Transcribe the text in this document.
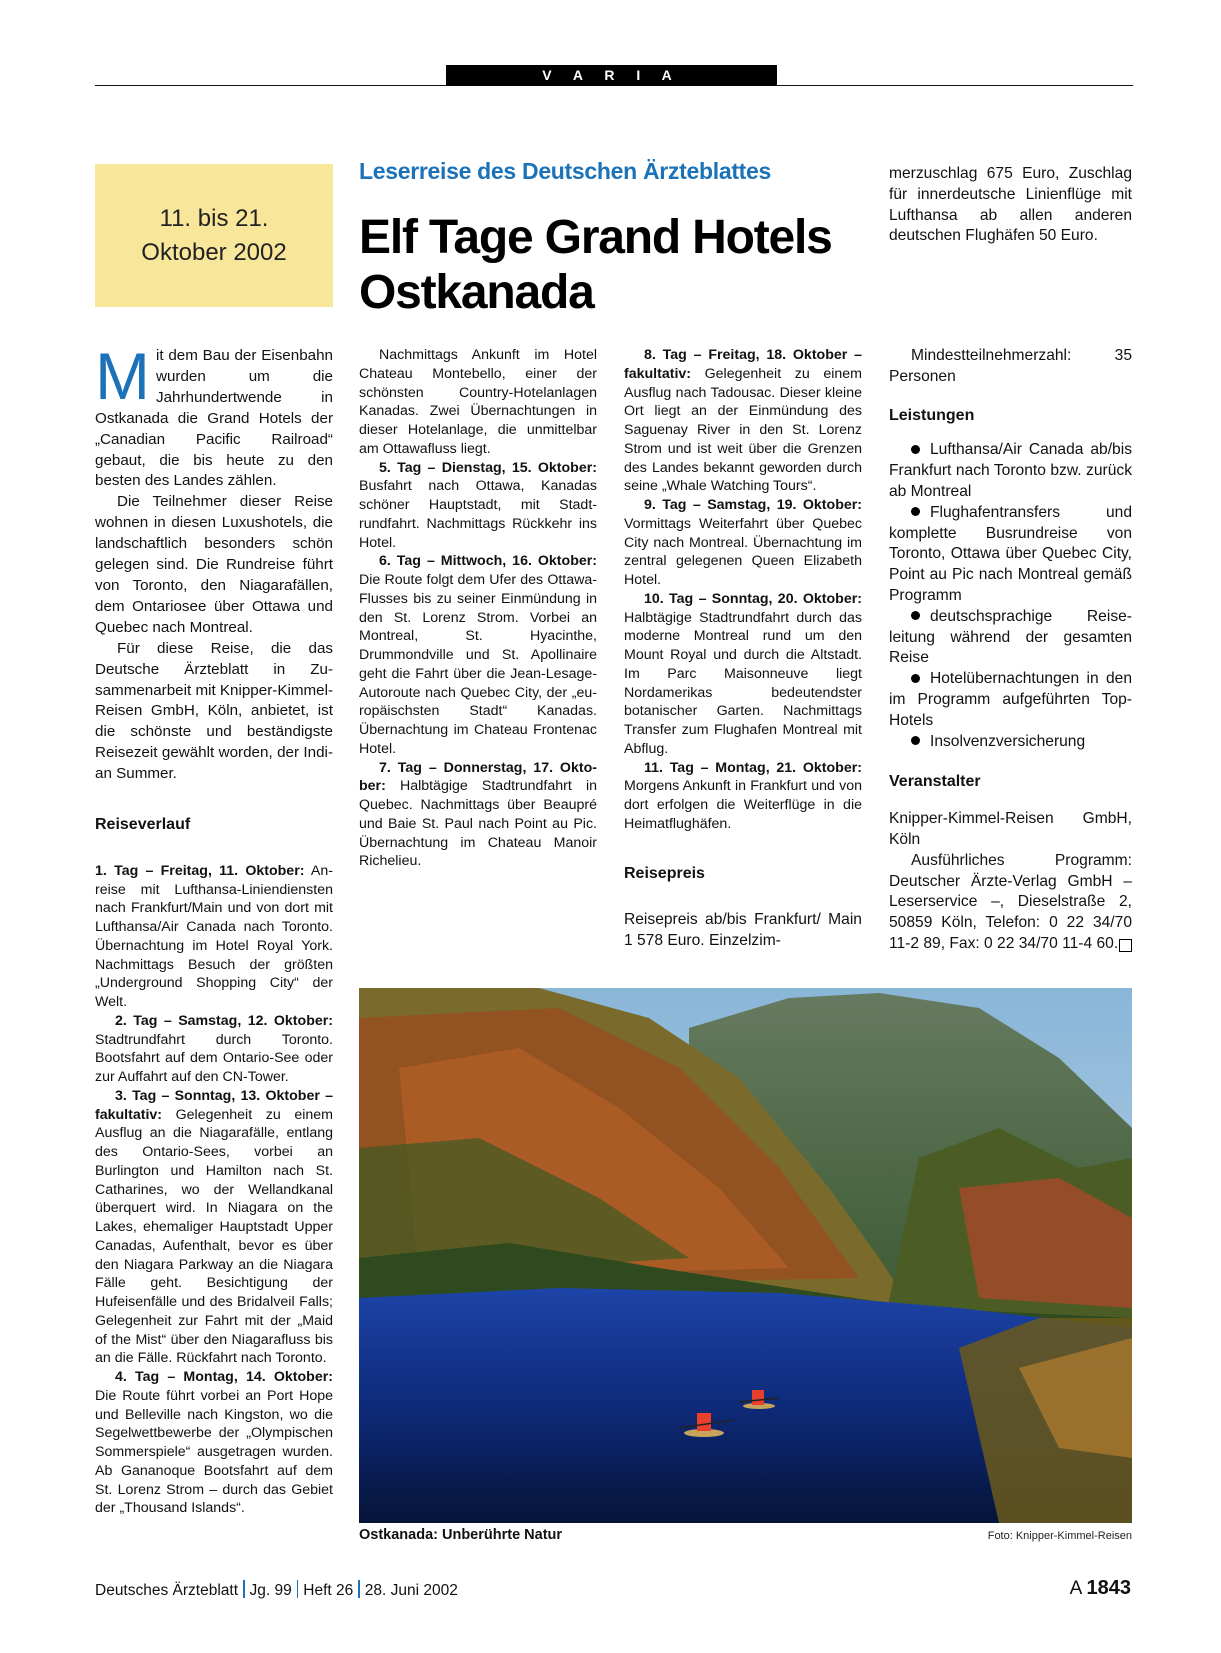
V A R I A
11. bis 21.
Oktober 2002
Leserreise des Deutschen Ärzteblattes
Elf Tage Grand Hotels
Ostkanada

Mit dem Bau der Eisenbahn wurden um die Jahrhundertwende in Ostkanada die Grand Hotels der „Canadian Pacific Railroad“ gebaut, die bis heute zu den besten des Landes zählen.

Die Teilnehmer dieser Reise wohnen in diesen Luxushotels, die landschaftlich besonders schön gelegen sind. Die Rundreise führt von Toronto, den Niagarafällen, dem Ontariosee über Ottawa und Quebec nach Montreal.

Für diese Reise, die das Deutsche Ärzteblatt in Zusammenarbeit mit Knipper-Kimmel-Reisen GmbH, Köln, anbietet, ist die schönste und beständigste Reisezeit gewählt worden, der Indian Summer.

Reiseverlauf

1. Tag – Freitag, 11. Oktober: Anreise mit Lufthansa-Liniendiensten nach Frankfurt/Main und von dort mit Lufthansa/Air Canada nach Toronto. Übernachtung im Hotel Royal York. Nachmittags Besuch der größten „Underground Shopping City“ der Welt.

2. Tag – Samstag, 12. Oktober: Stadtrundfahrt durch Toronto. Bootsfahrt auf dem Ontario-See oder zur Auffahrt auf den CN-Tower.

3. Tag – Sonntag, 13. Oktober – fakultativ: Gelegenheit zu einem Ausflug an die Niagarafälle, entlang des Ontario-Sees, vorbei an Burlington und Hamilton nach St. Catharines, wo der Wellandkanal überquert wird. In Niagara on the Lakes, ehemaliger Hauptstadt Upper Canadas, Aufenthalt, bevor es über den Niagara Parkway an die Niagara Fälle geht. Besichtigung der Hufeisenfälle und des Bridalveil Falls; Gelegenheit zur Fahrt mit der „Maid of the Mist“ über den Niagarafluss bis an die Fälle. Rückfahrt nach Toronto.

4. Tag – Montag, 14. Oktober: Die Route führt vorbei an Port Hope und Belleville nach Kingston, wo die Segelwettbewerbe der „Olympischen Sommerspiele“ ausgetragen wurden. Ab Gananoque Bootsfahrt auf dem St. Lorenz Strom – durch das Gebiet der „Thousand Islands“.

Nachmittags Ankunft im Hotel Chateau Montebello, einer der schönsten Country-Hotelanlagen Kanadas. Zwei Übernachtungen in dieser Hotelanlage, die unmittelbar am Ottawafluss liegt.

5. Tag – Dienstag, 15. Oktober: Busfahrt nach Ottawa, Kanadas schöner Hauptstadt, mit Stadtrundfahrt. Nachmittags Rückkehr ins Hotel.

6. Tag – Mittwoch, 16. Oktober: Die Route folgt dem Ufer des Ottawa-Flusses bis zu seiner Einmündung in den St. Lorenz Strom. Vorbei an Montreal, St. Hyacinthe, Drummondville und St. Apollinaire geht die Fahrt über die Jean-Lesage-Autoroute nach Quebec City, der „europäischsten Stadt“ Kanadas. Übernachtung im Chateau Frontenac Hotel.

7. Tag – Donnerstag, 17. Oktober: Halbtägige Stadtrundfahrt in Quebec. Nachmittags über Beaupré und Baie St. Paul nach Point au Pic. Übernachtung im Chateau Manoir Richelieu.

8. Tag – Freitag, 18. Oktober – fakultativ: Gelegenheit zu einem Ausflug nach Tadousac. Dieser kleine Ort liegt an der Einmündung des Saguenay River in den St. Lorenz Strom und ist weit über die Grenzen des Landes bekannt geworden durch seine „Whale Watching Tours“.

9. Tag – Samstag, 19. Oktober: Vormittags Weiterfahrt über Quebec City nach Montreal. Übernachtung im zentral gelegenen Queen Elizabeth Hotel.

10. Tag – Sonntag, 20. Oktober: Halbtägige Stadtrundfahrt durch das moderne Montreal rund um den Mount Royal und durch die Altstadt. Im Parc Maisonneuve liegt Nordamerikas bedeutendster botanischer Garten. Nachmittags Transfer zum Flughafen Montreal mit Abflug.

11. Tag – Montag, 21. Oktober: Morgens Ankunft in Frankfurt und von dort erfolgen die Weiterflüge in die Heimatflughäfen.

Reisepreis

Reisepreis ab/bis Frankfurt/ Main 1 578 Euro. Einzelzim-

Mindestteilnehmerzahl: 35 Personen

Leistungen

Lufthansa/Air Canada ab/bis Frankfurt nach Toronto bzw. zurück ab Montreal

Flughafentransfers und komplette Busrundreise von Toronto, Ottawa über Quebec City, Point au Pic nach Montreal gemäß Programm

deutschsprachige Reiseleitung während der gesamten Reise

Hotelübernachtungen in den im Programm aufgeführten Top-Hotels

Insolvenzversicherung

Veranstalter

Knipper-Kimmel-Reisen GmbH, Köln

Ausführliches Programm: Deutscher Ärzte-Verlag GmbH – Leserservice –, Dieselstraße 2, 50859 Köln, Telefon: 0 22 34/70 11-2 89, Fax: 0 22 34/70 11-4 60.

merzuschlag 675 Euro, Zuschlag für innerdeutsche Linienflüge mit Lufthansa ab allen anderen deutschen Flughäfen 50 Euro.

Ostkanada: Unberührte Natur	Foto: Knipper-Kimmel-Reisen
Deutsches Ärzteblatt Jg. 99 Heft 26 28. Juni 2002	A 1843
